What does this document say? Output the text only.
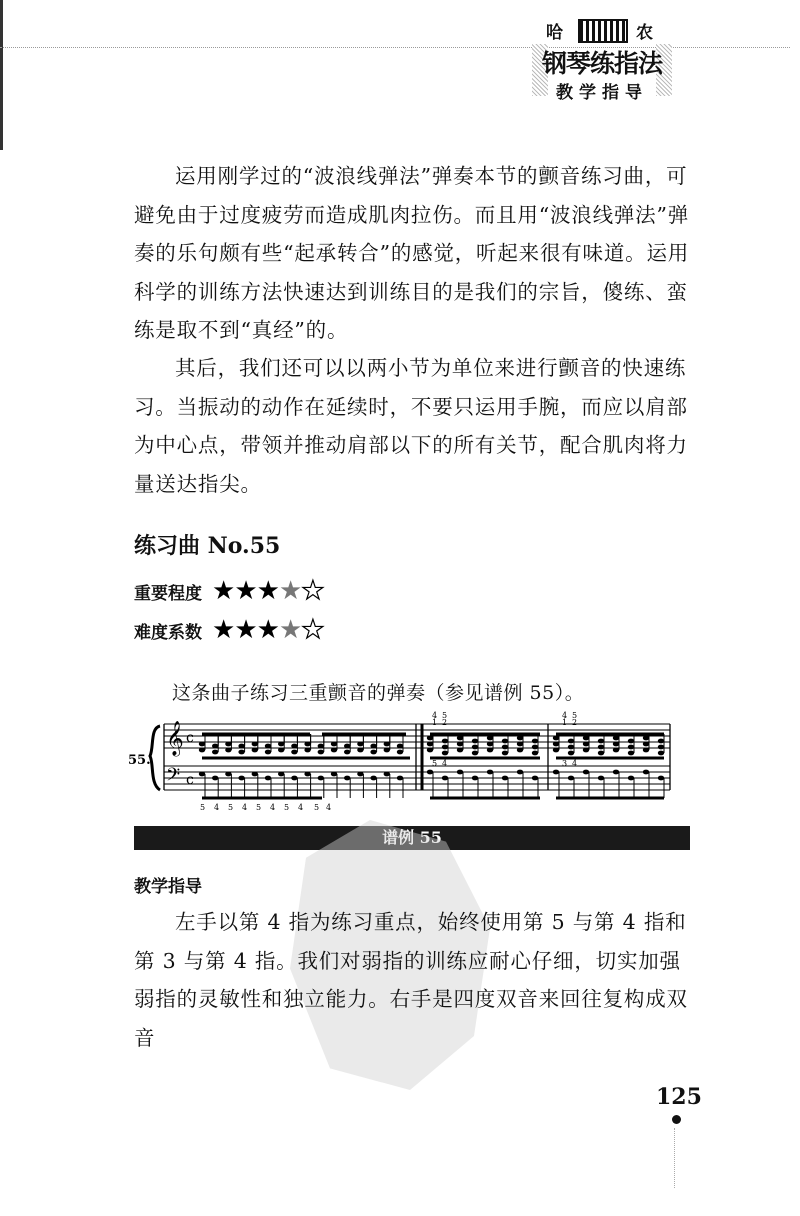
哈	农
钢琴练指法
教学指导

运用刚学过的“波浪线弹法”弹奏本节的颤音练习曲，可避免由于过度疲劳而造成肌肉拉伤。而且用“波浪线弹法”弹奏的乐句颇有些“起承转合”的感觉，听起来很有味道。运用科学的训练方法快速达到训练目的是我们的宗旨，傻练、蛮练是取不到“真经”的。

其后，我们还可以以两小节为单位来进行颤音的快速练习。当振动的动作在延续时，不要只运用手腕，而应以肩部为中心点，带领并推动肩部以下的所有关节，配合肌肉将力量送达指尖。

练习曲 No.55
重要程度 ★ ★ ★ ★ ★
难度系数 ★ ★ ★ ★ ★
这条曲子练习三重颤音的弹奏（参见谱例 55）。
55.
𝄞
𝄢
c
c
4 5
1 2
4 5
1 2
5 4	3 4
5 4 5 4 5 4 5 4 5 4
谱例 55
教学指导

左手以第 4 指为练习重点，始终使用第 5 与第 4 指和第 3 与第 4 指。我们对弱指的训练应耐心仔细，切实加强弱指的灵敏性和独立能力。右手是四度双音来回往复构成双音

125
